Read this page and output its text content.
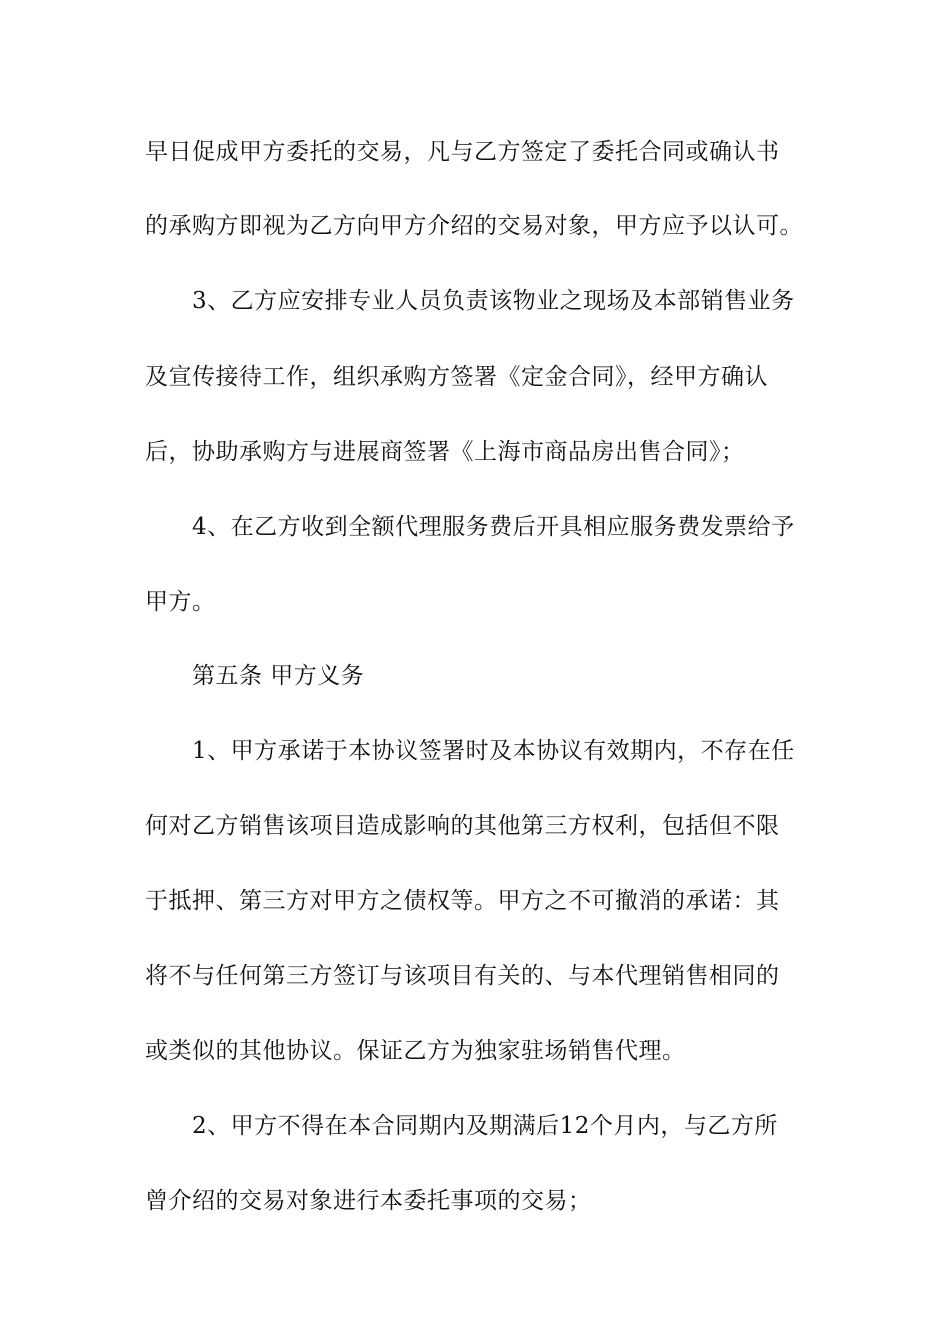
早日促成甲方委托的交易，凡与乙方签定了委托合同或确认书
的承购方即视为乙方向甲方介绍的交易对象，甲方应予以认可。
3、乙方应安排专业人员负责该物业之现场及本部销售业务
及宣传接待工作，组织承购方签署《定金合同》，经甲方确认
后，协助承购方与进展商签署《上海市商品房出售合同》；
4、在乙方收到全额代理服务费后开具相应服务费发票给予
甲方。
第五条 甲方义务
1、甲方承诺于本协议签署时及本协议有效期内，不存在任
何对乙方销售该项目造成影响的其他第三方权利，包括但不限
于抵押、第三方对甲方之债权等。甲方之不可撤消的承诺：其
将不与任何第三方签订与该项目有关的、与本代理销售相同的
或类似的其他协议。保证乙方为独家驻场销售代理。
2、甲方不得在本合同期内及期满后12个月内，与乙方所
曾介绍的交易对象进行本委托事项的交易；
